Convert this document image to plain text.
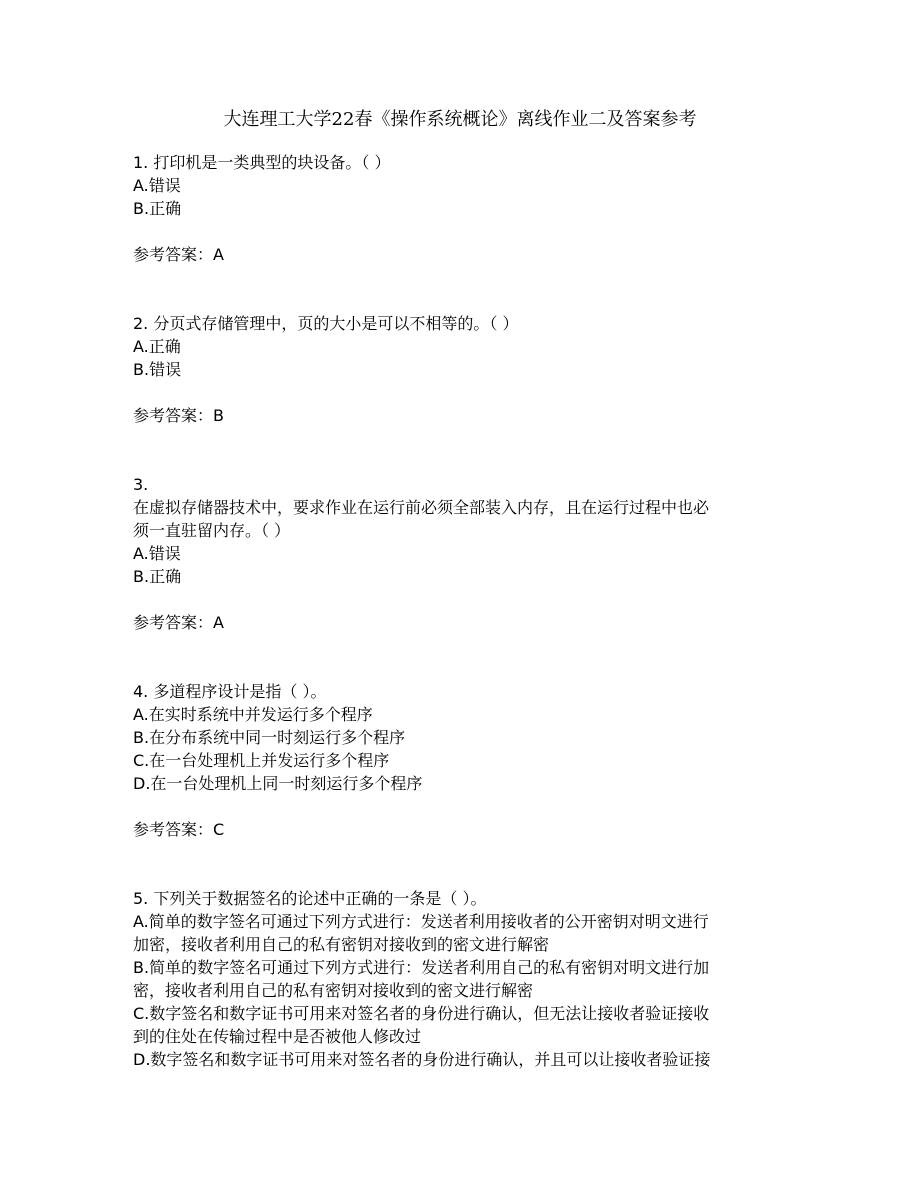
大连理工大学22春《操作系统概论》离线作业二及答案参考
1. 打印机是一类典型的块设备。（ ）
A.错误
B.正确
参考答案：A
2. 分页式存储管理中，页的大小是可以不相等的。（ ）
A.正确
B.错误
参考答案：B
3.
在虚拟存储器技术中，要求作业在运行前必须全部装入内存，且在运行过程中也必
须一直驻留内存。（ ）
A.错误
B.正确
参考答案：A
4. 多道程序设计是指（ ）。
A.在实时系统中并发运行多个程序
B.在分布系统中同一时刻运行多个程序
C.在一台处理机上并发运行多个程序
D.在一台处理机上同一时刻运行多个程序
参考答案：C
5. 下列关于数据签名的论述中正确的一条是（ ）。
A.简单的数字签名可通过下列方式进行：发送者利用接收者的公开密钥对明文进行
加密，接收者利用自己的私有密钥对接收到的密文进行解密
B.简单的数字签名可通过下列方式进行：发送者利用自己的私有密钥对明文进行加
密，接收者利用自己的私有密钥对接收到的密文进行解密
C.数字签名和数字证书可用来对签名者的身份进行确认，但无法让接收者验证接收
到的住处在传输过程中是否被他人修改过
D.数字签名和数字证书可用来对签名者的身份进行确认，并且可以让接收者验证接
